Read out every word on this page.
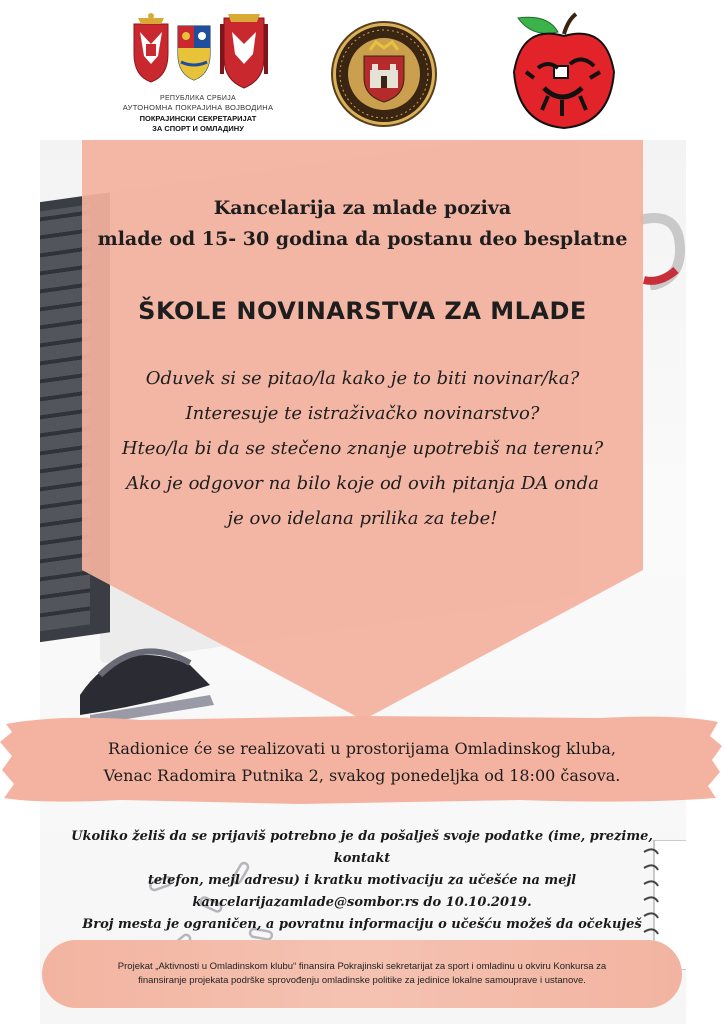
РЕПУБЛИКА СРБИЈА
АУТОНОМНА ПОКРАЈИНА ВОЈВОДИНА
ПОКРАЈИНСКИ СЕКРЕТАРИЈАТ
ЗА СПОРТ И ОМЛАДИНУ
Kancelarija za mlade poziva
mlade od 15- 30 godina da postanu deo besplatne
ŠKOLE NOVINARSTVA ZA MLADE
Oduvek si se pitao/la kako je to biti novinar/ka?
Interesuje te istraživačko novinarstvo?
Hteo/la bi da se stečeno znanje upotrebiš na terenu?
Ako je odgovor na bilo koje od ovih pitanja DA onda
je ovo idelana prilika za tebe!
Radionice će se realizovati u prostorijama Omladinskog kluba,
Venac Radomira Putnika 2, svakog ponedeljka od 18:00 časova.
Ukoliko želiš da se prijaviš potrebno je da pošalješ svoje podatke (ime, prezime, kontakt
telefon, mejl adresu) i kratku motivaciju za učešće na mejl
kancelarijazamlade@sombor.rs do 10.10.2019.
Broj mesta je ograničen, a povratnu informaciju o učešću možeš da očekuješ
Projekat „Aktivnosti u Omladinskom klubu“ finansira Pokrajinski sekretarijat za sport i omladinu u okviru Konkursa za
finansiranje projekata podrške sprovođenju omladinske politike za jedinice lokalne samouprave i ustanove.
